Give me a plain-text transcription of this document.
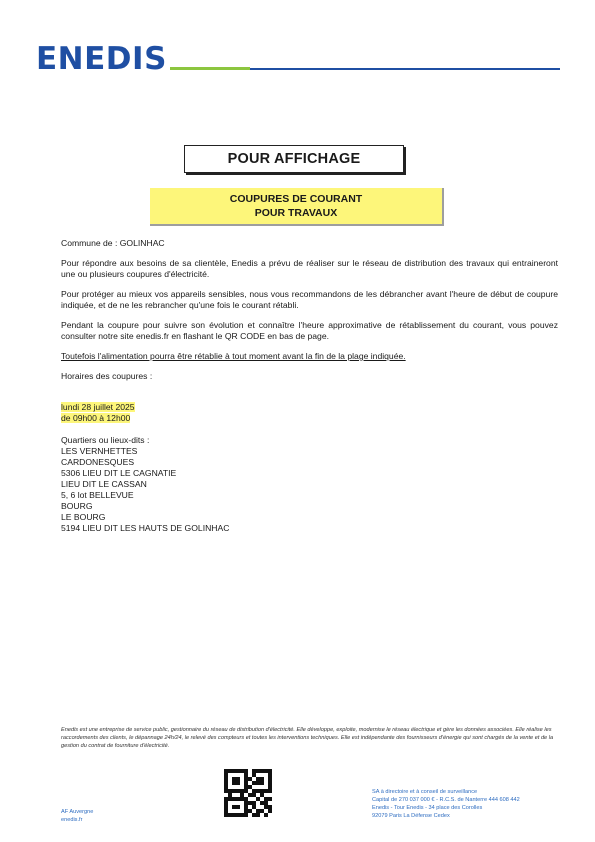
ENEDIS
POUR AFFICHAGE
COUPURES DE COURANT
POUR TRAVAUX

Commune de : GOLINHAC

Pour répondre aux besoins de sa clientèle, Enedis a prévu de réaliser sur le réseau de distribution des travaux qui entraineront une ou plusieurs coupures d'électricité.

Pour protéger au mieux vos appareils sensibles, nous vous recommandons de les débrancher avant l'heure de début de coupure indiquée, et de ne les rebrancher qu'une fois le courant rétabli.

Pendant la coupure pour suivre son évolution et connaître l'heure approximative de rétablissement du courant, vous pouvez consulter notre site enedis.fr en flashant le QR CODE en bas de page.

Toutefois l'alimentation pourra être rétablie à tout moment avant la fin de la plage indiquée.

Horaires des coupures :

lundi 28 juillet 2025

de 09h00 à 12h00

Quartiers ou lieux-dits :

LES VERNHETTES
CARDONESQUES
5306 LIEU DIT LE CAGNATIE
LIEU DIT LE CASSAN
5, 6 lot BELLEVUE
BOURG
LE BOURG
5194 LIEU DIT LES HAUTS DE GOLINHAC
Enedis est une entreprise de service public, gestionnaire du réseau de distribution d'électricité. Elle développe, exploite, modernise le réseau électrique et gère les données associées. Elle réalise les raccordements des clients, le dépannage 24h/24, le relevé des compteurs et toutes les interventions techniques. Elle est indépendante des fournisseurs d'énergie qui sont chargés de la vente et de la gestion du contrat de fourniture d'électricité.
AF Auvergne
enedis.fr
SA à directoire et à conseil de surveillance
Capital de 270 037 000 € - R.C.S. de Nanterre 444 608 442
Enedis - Tour Enedis - 34 place des Corolles
92079 Paris La Défense Cedex
